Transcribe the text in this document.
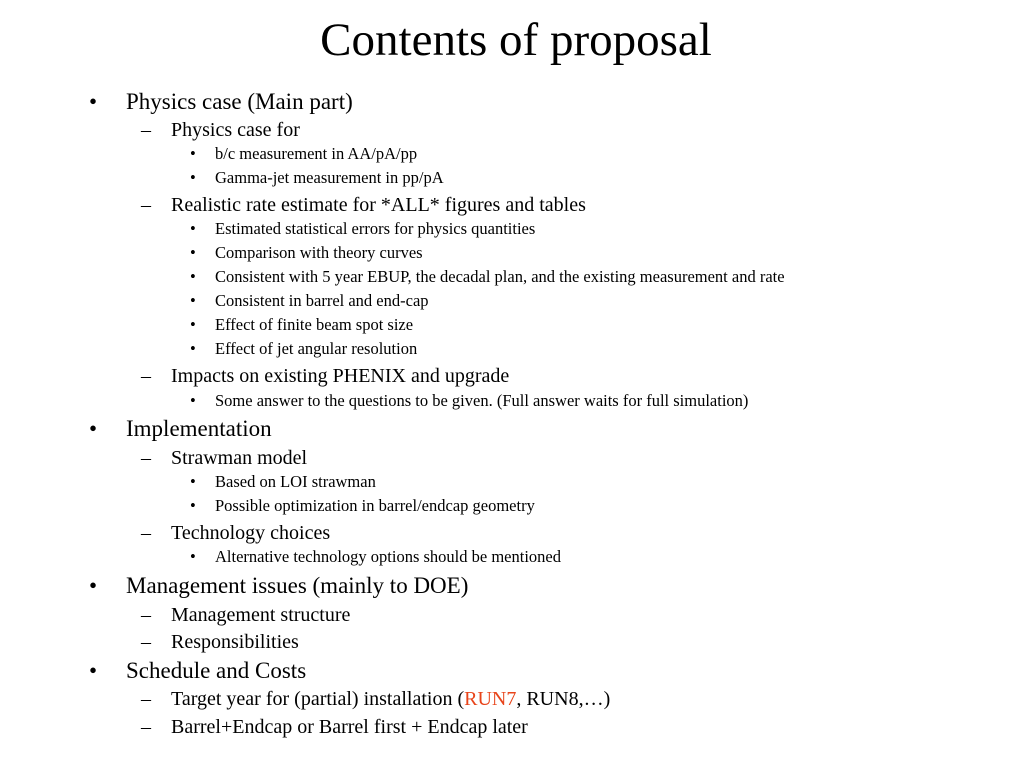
Contents of proposal
• Physics case (Main part)
– Physics case for
• b/c measurement in AA/pA/pp
• Gamma-jet measurement in pp/pA
– Realistic rate estimate for *ALL* figures and tables
• Estimated statistical errors for physics quantities
• Comparison with theory curves
• Consistent with 5 year EBUP, the decadal plan, and the existing measurement and rate
• Consistent in barrel and end-cap
• Effect of finite beam spot size
• Effect of jet angular resolution
– Impacts on existing PHENIX and upgrade
• Some answer to the questions to be given. (Full answer waits for full simulation)
• Implementation
– Strawman model
• Based on LOI strawman
• Possible optimization in barrel/endcap geometry
– Technology choices
• Alternative technology options should be mentioned
• Management issues (mainly to DOE)
– Management structure
– Responsibilities
• Schedule and Costs
– Target year for (partial) installation (RUN7, RUN8,…)
– Barrel+Endcap or Barrel first + Endcap later
